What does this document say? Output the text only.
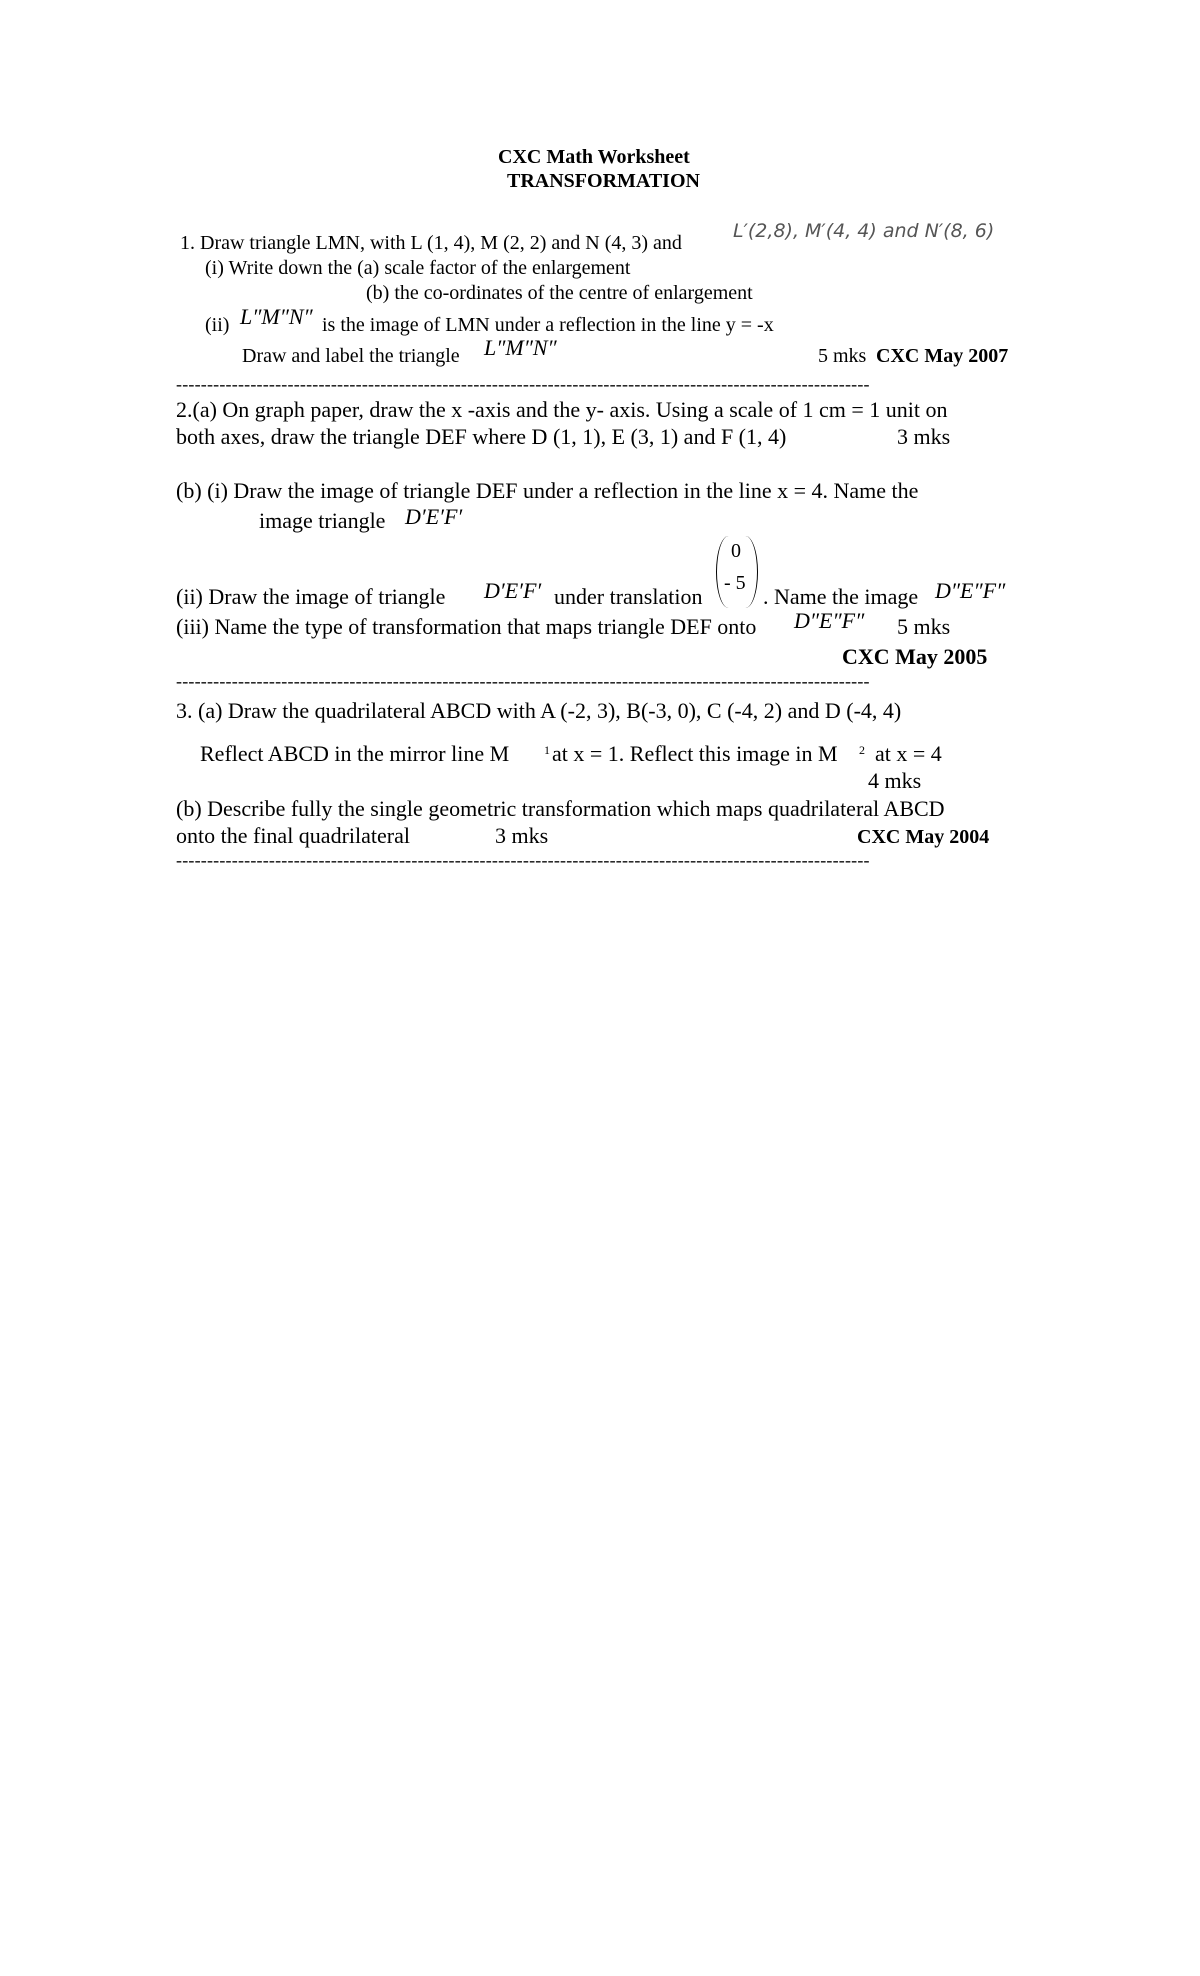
CXC Math Worksheet
TRANSFORMATION
1. Draw triangle LMN, with L (1, 4), M (2, 2) and N (4, 3) and
L′(2,8), M′(4, 4) and N′(8, 6)
(i) Write down the (a) scale factor of the enlargement
(b) the co-ordinates of the centre of enlargement
(ii) L″M″N″ is the image of LMN under a reflection in the line y = -x
Draw and label the triangle L″M″N″	5 mks CXC May 2007
----------------------------------------------------------------------------------------------------------------
2.(a) On graph paper, draw the x -axis and the y- axis. Using a scale of 1 cm = 1 unit on
both axes, draw the triangle DEF where D (1, 1), E (3, 1) and F (1, 4)	3 mks
(b) (i) Draw the image of triangle DEF under a reflection in the line x = 4. Name the
image triangle D′E′F′
0
- 5
(ii) Draw the image of triangle D′E′F′ under translation	. Name the image D″E″F″
(iii) Name the type of transformation that maps triangle DEF onto D″E″F″ 5 mks
CXC May 2005
----------------------------------------------------------------------------------------------------------------
3. (a) Draw the quadrilateral ABCD with A (-2, 3), B(-3, 0), C (-4, 2) and D (-4, 4)
Reflect ABCD in the mirror line M	1 at x = 1. Reflect this image in M 2 at x = 4
4 mks
(b) Describe fully the single geometric transformation which maps quadrilateral ABCD
onto the final quadrilateral	3 mks	CXC May 2004
----------------------------------------------------------------------------------------------------------------
